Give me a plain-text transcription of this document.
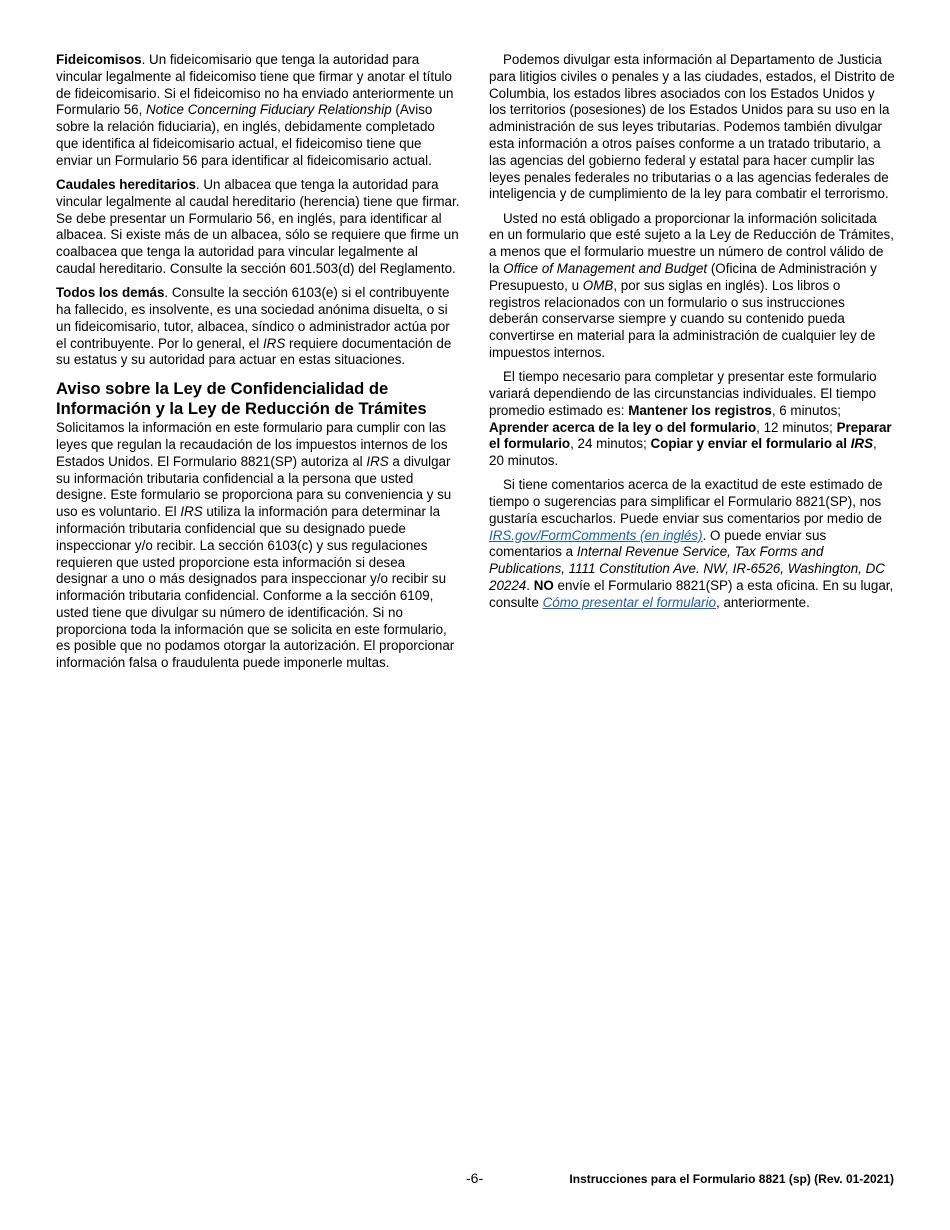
Fideicomisos. Un fideicomisario que tenga la autoridad para vincular legalmente al fideicomiso tiene que firmar y anotar el título de fideicomisario. Si el fideicomiso no ha enviado anteriormente un Formulario 56, Notice Concerning Fiduciary Relationship (Aviso sobre la relación fiduciaria), en inglés, debidamente completado que identifica al fideicomisario actual, el fideicomiso tiene que enviar un Formulario 56 para identificar al fideicomisario actual.

Caudales hereditarios. Un albacea que tenga la autoridad para vincular legalmente al caudal hereditario (herencia) tiene que firmar. Se debe presentar un Formulario 56, en inglés, para identificar al albacea. Si existe más de un albacea, sólo se requiere que firme un coalbacea que tenga la autoridad para vincular legalmente al caudal hereditario. Consulte la sección 601.503(d) del Reglamento.

Todos los demás. Consulte la sección 6103(e) si el contribuyente ha fallecido, es insolvente, es una sociedad anónima disuelta, o si un fideicomisario, tutor, albacea, síndico o administrador actúa por el contribuyente. Por lo general, el IRS requiere documentación de su estatus y su autoridad para actuar en estas situaciones.

Aviso sobre la Ley de Confidencialidad de Información y la Ley de Reducción de Trámites

Solicitamos la información en este formulario para cumplir con las leyes que regulan la recaudación de los impuestos internos de los Estados Unidos. El Formulario 8821(SP) autoriza al IRS a divulgar su información tributaria confidencial a la persona que usted designe. Este formulario se proporciona para su conveniencia y su uso es voluntario. El IRS utiliza la información para determinar la información tributaria confidencial que su designado puede inspeccionar y/o recibir. La sección 6103(c) y sus regulaciones requieren que usted proporcione esta información si desea designar a uno o más designados para inspeccionar y/o recibir su información tributaria confidencial. Conforme a la sección 6109, usted tiene que divulgar su número de identificación. Si no proporciona toda la información que se solicita en este formulario, es posible que no podamos otorgar la autorización. El proporcionar información falsa o fraudulenta puede imponerle multas.

Podemos divulgar esta información al Departamento de Justicia para litigios civiles o penales y a las ciudades, estados, el Distrito de Columbia, los estados libres asociados con los Estados Unidos y los territorios (posesiones) de los Estados Unidos para su uso en la administración de sus leyes tributarias. Podemos también divulgar esta información a otros países conforme a un tratado tributario, a las agencias del gobierno federal y estatal para hacer cumplir las leyes penales federales no tributarias o a las agencias federales de inteligencia y de cumplimiento de la ley para combatir el terrorismo.

Usted no está obligado a proporcionar la información solicitada en un formulario que esté sujeto a la Ley de Reducción de Trámites, a menos que el formulario muestre un número de control válido de la Office of Management and Budget (Oficina de Administración y Presupuesto, u OMB, por sus siglas en inglés). Los libros o registros relacionados con un formulario o sus instrucciones deberán conservarse siempre y cuando su contenido pueda convertirse en material para la administración de cualquier ley de impuestos internos.

El tiempo necesario para completar y presentar este formulario variará dependiendo de las circunstancias individuales. El tiempo promedio estimado es: Mantener los registros, 6 minutos; Aprender acerca de la ley o del formulario, 12 minutos; Preparar el formulario, 24 minutos; Copiar y enviar el formulario al IRS, 20 minutos.

Si tiene comentarios acerca de la exactitud de este estimado de tiempo o sugerencias para simplificar el Formulario 8821(SP), nos gustaría escucharlos. Puede enviar sus comentarios por medio de IRS.gov/FormComments (en inglés). O puede enviar sus comentarios a Internal Revenue Service, Tax Forms and Publications, 1111 Constitution Ave. NW, IR-6526, Washington, DC 20224. NO envíe el Formulario 8821(SP) a esta oficina. En su lugar, consulte Cómo presentar el formulario, anteriormente.

-6-	Instrucciones para el Formulario 8821 (sp) (Rev. 01-2021)
